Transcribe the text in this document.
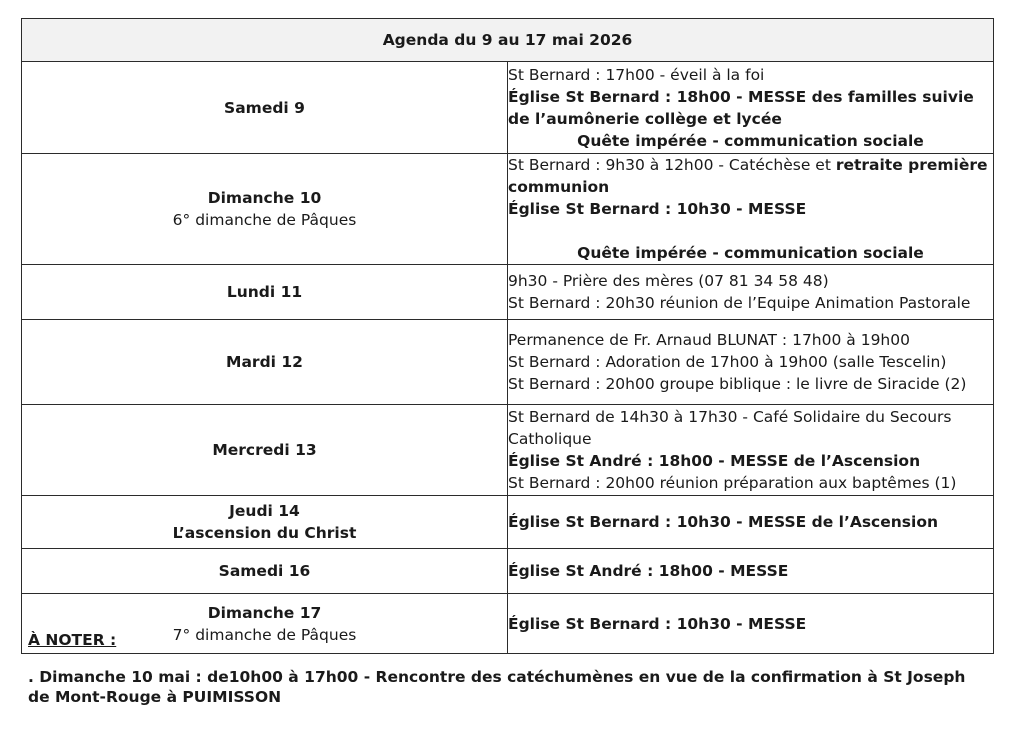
Agenda du 9 au 17 mai 2026	

Samedi 9	St Bernard : 17h00 - éveil à la foi
Église St Bernard : 18h00 - MESSE des familles suivie de l’aumônerie collège et lycée
Quête impérée - communication sociale

Dimanche 10
6° dimanche de Pâques	St Bernard : 9h30 à 12h00 - Catéchèse et retraite première communion
Église St Bernard : 10h30 - MESSE
Quête impérée - communication sociale

Lundi 11	9h30 - Prière des mères (07 81 34 58 48)
St Bernard : 20h30 réunion de l’Equipe Animation Pastorale

Mardi 12	Permanence de Fr. Arnaud BLUNAT : 17h00 à 19h00
St Bernard : Adoration de 17h00 à 19h00 (salle Tescelin)
St Bernard : 20h00 groupe biblique : le livre de Siracide (2)

Mercredi 13	St Bernard de 14h30 à 17h30 - Café Solidaire du Secours Catholique
Église St André : 18h00 - MESSE de l’Ascension
St Bernard : 20h00 réunion préparation aux baptêmes (1)

Jeudi 14
L’ascension du Christ	Église St Bernard : 10h30 - MESSE de l’Ascension

Samedi 16	Église St André : 18h00 - MESSE

Dimanche 17
7° dimanche de Pâques	Église St Bernard : 10h30 - MESSE
À NOTER :
. Dimanche 10 mai : de10h00 à 17h00 - Rencontre des catéchumènes en vue de la confirmation à St Joseph de Mont-Rouge à PUIMISSON
